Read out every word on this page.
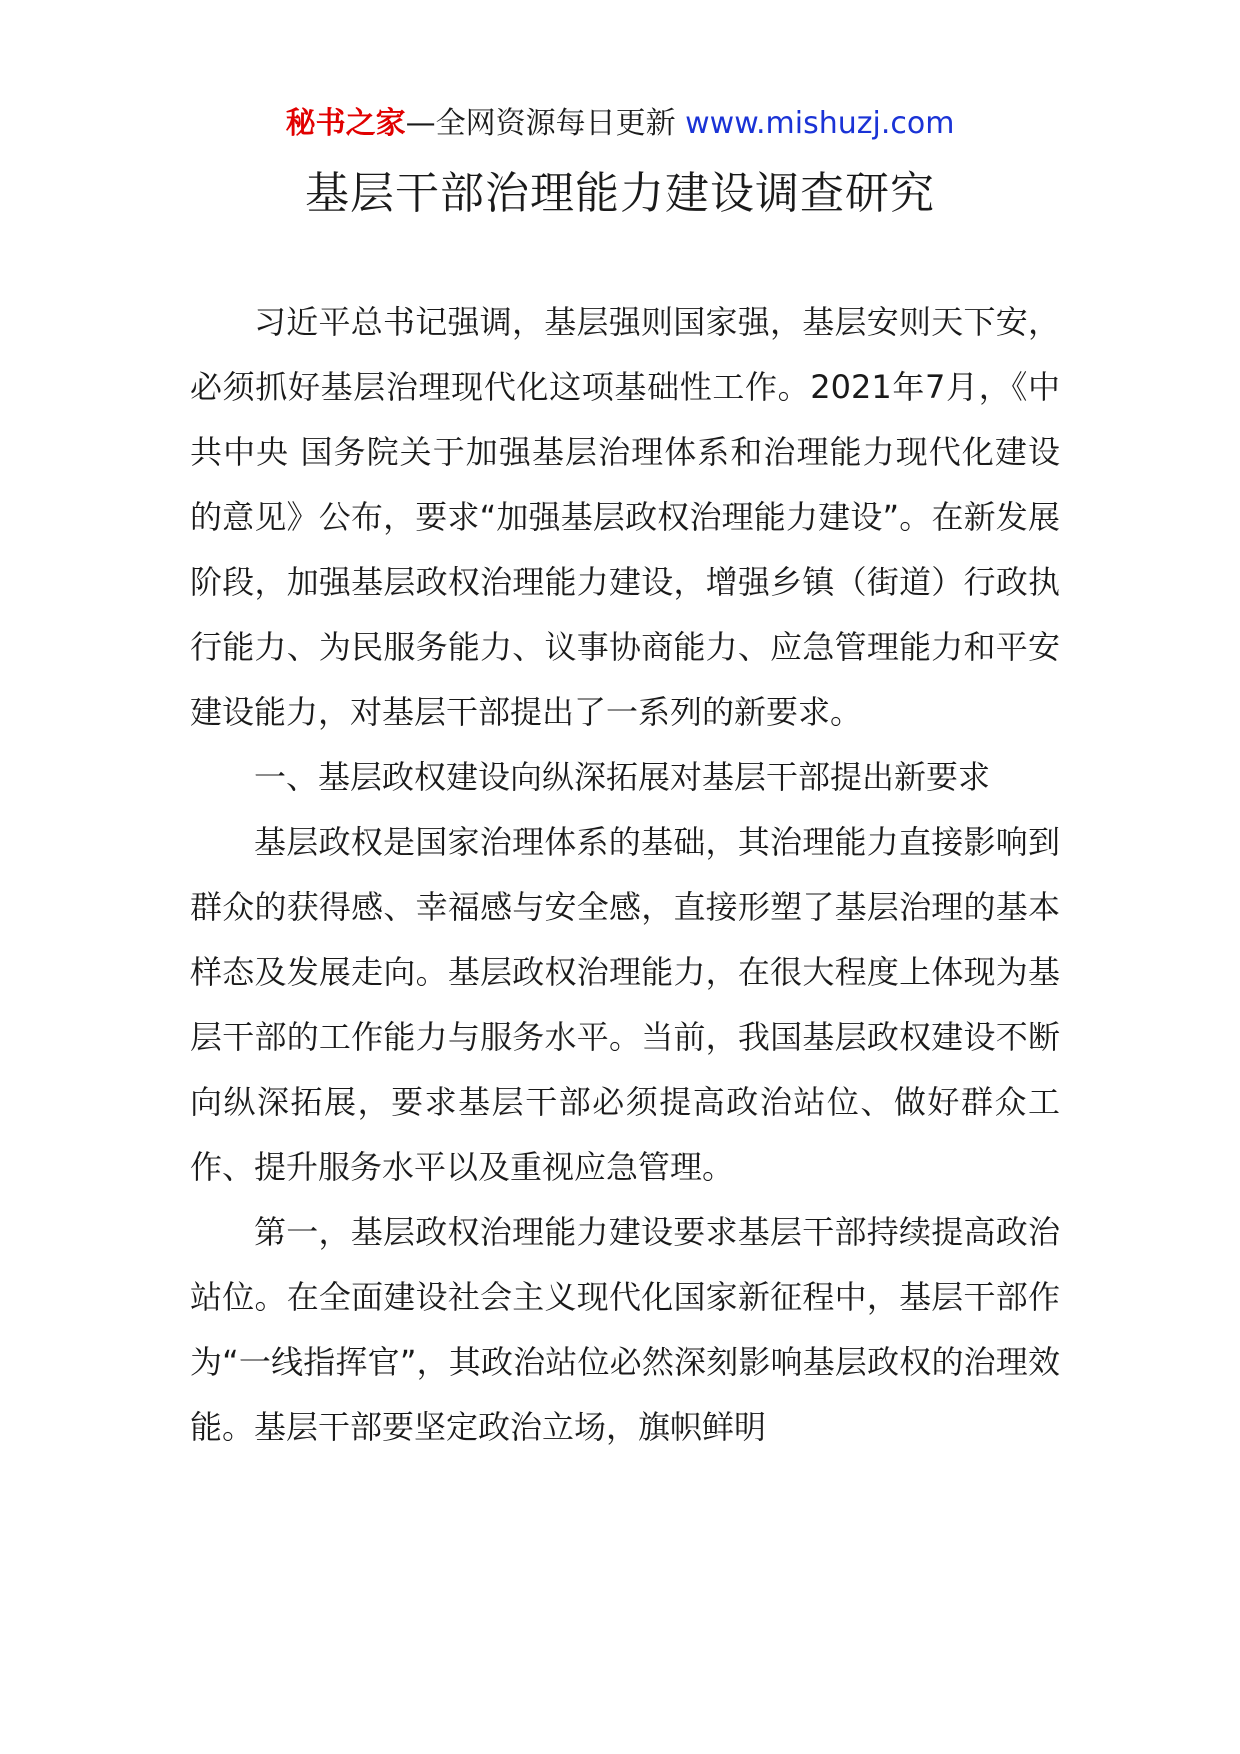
秘书之家—全网资源每日更新 www.mishuzj.com
基层干部治理能力建设调查研究

习近平总书记强调，基层强则国家强，基层安则天下安，必须抓好基层治理现代化这项基础性工作。2021年7月，《中共中央 国务院关于加强基层治理体系和治理能力现代化建设的意见》公布，要求“加强基层政权治理能力建设”。在新发展阶段，加强基层政权治理能力建设，增强乡镇（街道）行政执行能力、为民服务能力、议事协商能力、应急管理能力和平安建设能力，对基层干部提出了一系列的新要求。

一、基层政权建设向纵深拓展对基层干部提出新要求

基层政权是国家治理体系的基础，其治理能力直接影响到群众的获得感、幸福感与安全感，直接形塑了基层治理的基本样态及发展走向。基层政权治理能力，在很大程度上体现为基层干部的工作能力与服务水平。当前，我国基层政权建设不断向纵深拓展，要求基层干部必须提高政治站位、做好群众工作、提升服务水平以及重视应急管理。

第一，基层政权治理能力建设要求基层干部持续提高政治站位。在全面建设社会主义现代化国家新征程中，基层干部作为“一线指挥官”，其政治站位必然深刻影响基层政权的治理效能。基层干部要坚定政治立场，旗帜鲜明
